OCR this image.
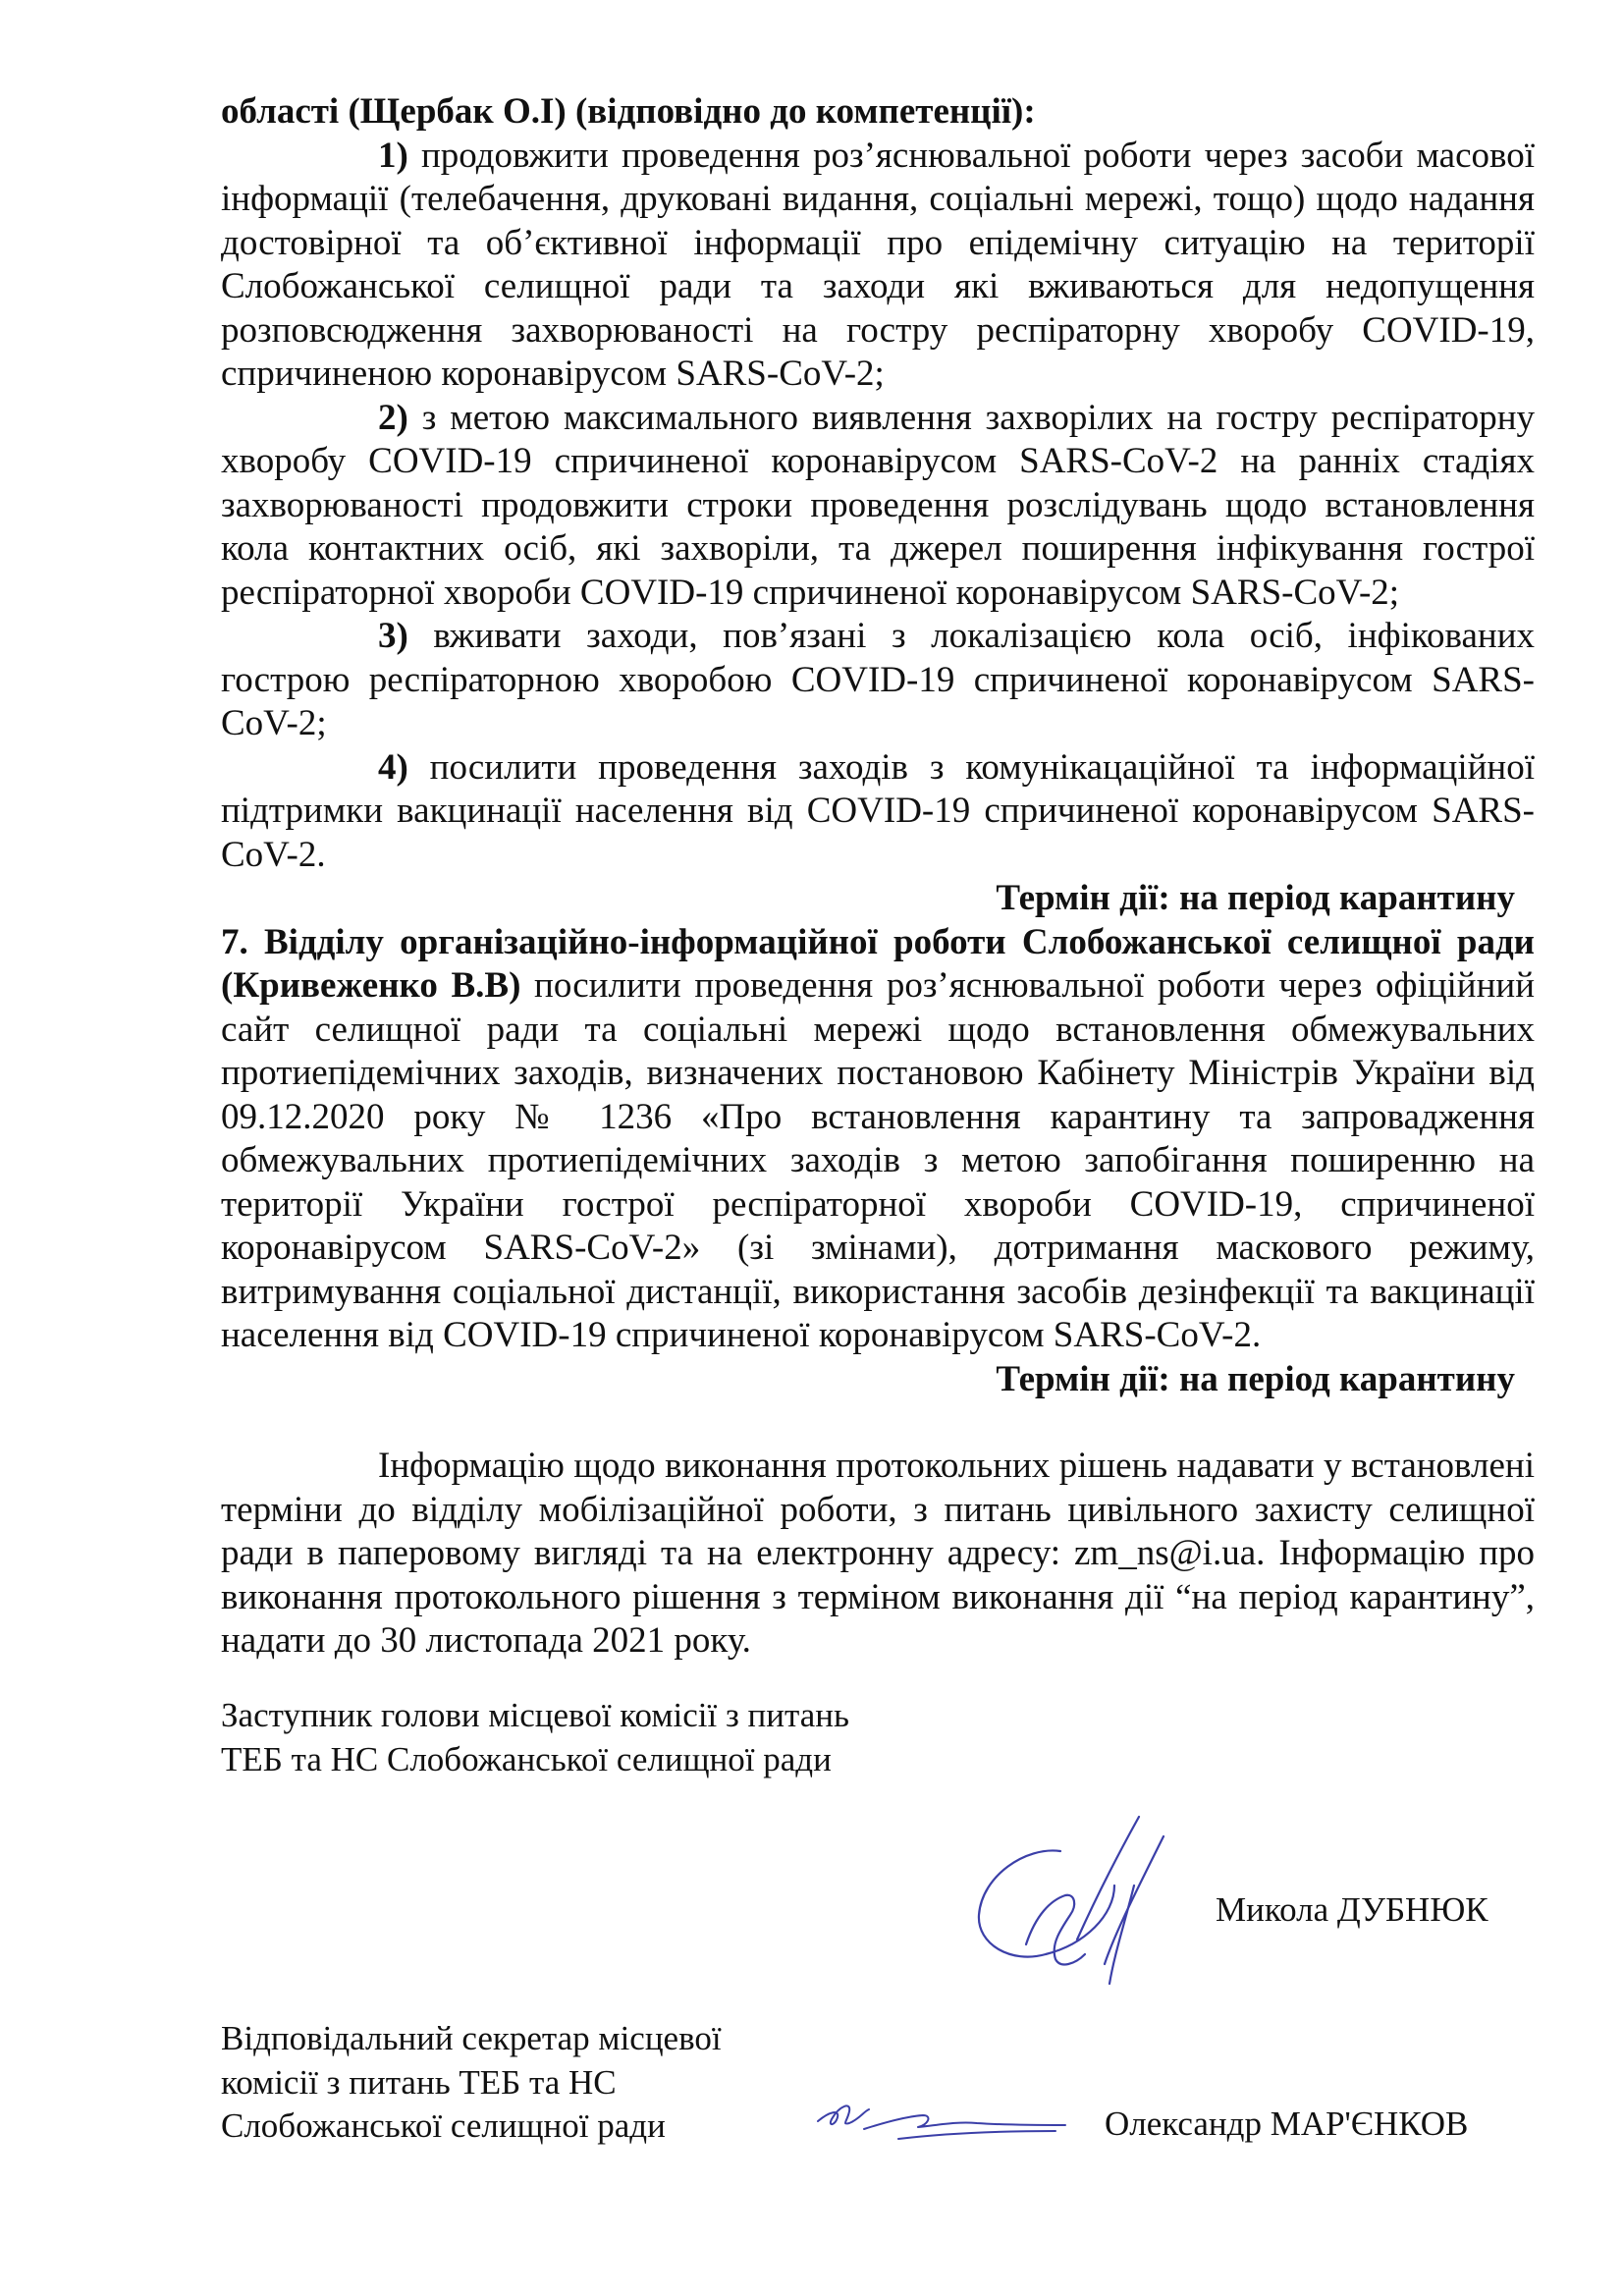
області (Щербак О.І) (відповідно до компетенції):

1) продовжити проведення роз’яснювальної роботи через засоби масової інформації (телебачення, друковані видання, соціальні мережі, тощо) щодо надання достовірної та об’єктивної інформації про епідемічну ситуацію на території Слобожанської селищної ради та заходи які вживаються для недопущення розповсюдження захворюваності на гостру респіраторну хворобу COVID-19, спричиненою коронавірусом SARS-CoV-2;

2) з метою максимального виявлення захворілих на гостру респіраторну хворобу COVID-19 спричиненої коронавірусом SARS-CoV-2 на ранніх стадіях захворюваності продовжити строки проведення розслідувань щодо встановлення кола контактних осіб, які захворіли, та джерел поширення інфікування гострої респіраторної хвороби COVID-19 спричиненої коронавірусом SARS-CoV-2;

3) вживати заходи, пов’язані з локалізацією кола осіб, інфікованих гострою респіраторною хворобою COVID-19 спричиненої коронавірусом SARS-CoV-2;

4) посилити проведення заходів з комунікацаційної та інформаційної підтримки вакцинації населення від COVID-19 спричиненої коронавірусом SARS-CoV-2.

Термін дії: на період карантину

7. Відділу організаційно-інформаційної роботи Слобожанської селищної ради (Кривеженко В.В) посилити проведення роз’яснювальної роботи через офіційний сайт селищної ради та соціальні мережі щодо встановлення обмежувальних протиепідемічних заходів, визначених постановою Кабінету Міністрів України від 09.12.2020 року № 1236 «Про встановлення карантину та запровадження обмежувальних протиепідемічних заходів з метою запобігання поширенню на території України гострої респіраторної хвороби COVID-19, спричиненої коронавірусом SARS-CoV-2» (зі змінами), дотримання маскового режиму, витримування соціальної дистанції, використання засобів дезінфекції та вакцинації населення від COVID-19 спричиненої коронавірусом SARS-CoV-2.

Термін дії: на період карантину

Інформацію щодо виконання протокольних рішень надавати у встановлені терміни до відділу мобілізаційної роботи, з питань цивільного захисту селищної ради в паперовому вигляді та на електронну адресу: zm_ns@i.ua. Інформацію про виконання протокольного рішення з терміном виконання дії “на період карантину”, надати до 30 листопада 2021 року.

Заступник голови місцевої комісії з питань

ТЕБ та НС Слобожанської селищної ради

Микола ДУБНЮК

Відповідальний секретар місцевої

комісії з питань ТЕБ та НС

Слобожанської селищної ради	Олександр МАР'ЄНКОВ
